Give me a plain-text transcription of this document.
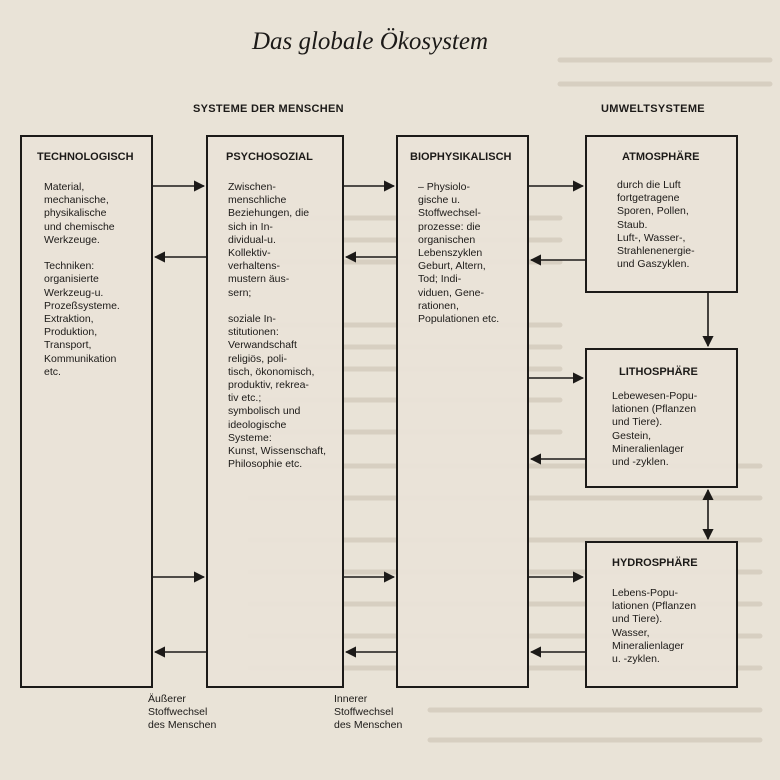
Das globale Ökosystem
SYSTEME DER MENSCHEN	UMWELTSYSTEME
TECHNOLOGISCH
Material,
mechanische,
physikalische
und chemische
Werkzeuge.

Techniken:
organisierte
Werkzeug-u.
Prozeßsysteme.
Extraktion,
Produktion,
Transport,
Kommunikation
etc.
PSYCHOSOZIAL
Zwischen-
menschliche
Beziehungen, die
sich in In-
dividual-u.
Kollektiv-
verhaltens-
mustern äus-
sern;

soziale In-
stitutionen:
Verwandschaft
religiös, poli-
tisch, ökonomisch,
produktiv, rekrea-
tiv etc.;
symbolisch und
ideologische
Systeme:
Kunst, Wissenschaft,
Philosophie etc.
BIOPHYSIKALISCH
– Physiolo-
gische u.
Stoffwechsel-
prozesse: die
organischen
Lebenszyklen
Geburt, Altern,
Tod; Indi-
viduen, Gene-
rationen,
Populationen etc.
ATMOSPHÄRE
durch die Luft
fortgetragene
Sporen, Pollen,
Staub.
Luft-, Wasser-,
Strahlenenergie-
und Gaszyklen.
LITHOSPHÄRE
Lebewesen-Popu-
lationen (Pflanzen
und Tiere).
Gestein,
Mineralienlager
und -zyklen.
HYDROSPHÄRE
Lebens-Popu-
lationen (Pflanzen
und Tiere).
Wasser,
Mineralienlager
u. -zyklen.
Äußerer
Stoffwechsel
des Menschen
Innerer
Stoffwechsel
des Menschen
